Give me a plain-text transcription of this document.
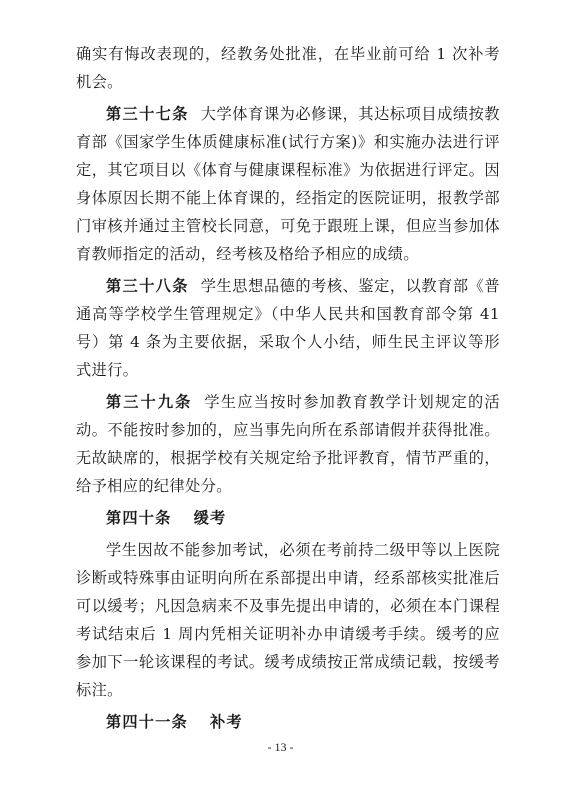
确实有悔改表现的，经教务处批准，在毕业前可给 1 次补考机会。

第三十七条 大学体育课为必修课，其达标项目成绩按教育部《国家学生体质健康标准(试行方案)》和实施办法进行评定，其它项目以《体育与健康课程标准》为依据进行评定。因身体原因长期不能上体育课的，经指定的医院证明，报教学部门审核并通过主管校长同意，可免于跟班上课，但应当参加体育教师指定的活动，经考核及格给予相应的成绩。

第三十八条 学生思想品德的考核、鉴定，以教育部《普通高等学校学生管理规定》（中华人民共和国教育部令第 41 号）第 4 条为主要依据，采取个人小结，师生民主评议等形式进行。

第三十九条 学生应当按时参加教育教学计划规定的活动。不能按时参加的，应当事先向所在系部请假并获得批准。无故缺席的，根据学校有关规定给予批评教育，情节严重的，给予相应的纪律处分。

第四十条 缓考

学生因故不能参加考试，必须在考前持二级甲等以上医院诊断或特殊事由证明向所在系部提出申请，经系部核实批准后可以缓考；凡因急病来不及事先提出申请的，必须在本门课程考试结束后 1 周内凭相关证明补办申请缓考手续。缓考的应参加下一轮该课程的考试。缓考成绩按正常成绩记载，按缓考标注。

第四十一条 补考

- 13 -
